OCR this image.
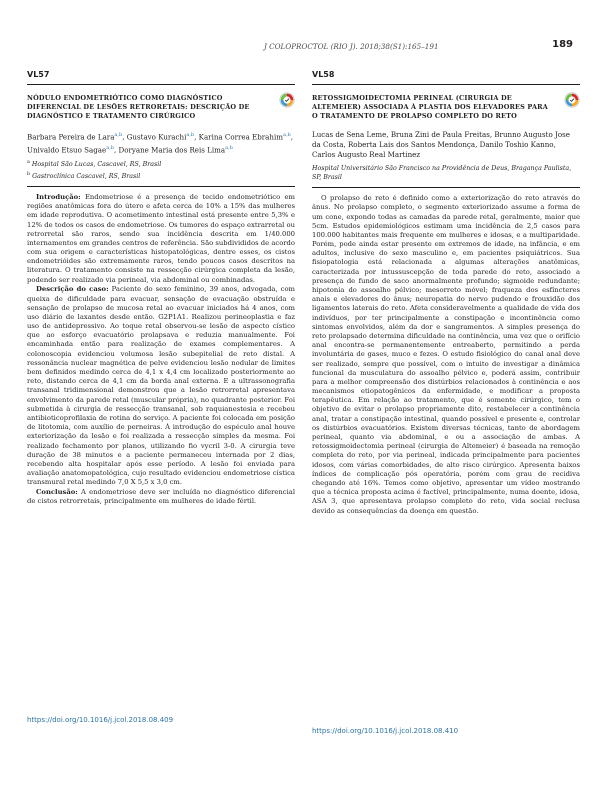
J COLOPROCTOL (RIO J). 2018;38(S1):165–191	189
VL57
NÓDULO ENDOMETRIÓTICO COMO DIAGNÓSTICO DIFERENCIAL DE LESÕES RETRORETAIS: DESCRIÇÃO DE DIAGNÓSTICO E TRATAMENTO CIRÚRGICO
Barbara Pereira de Lara$^{a,b}$, Gustavo Kurachi$^{a,b}$, Karina Correa Ebrahim$^{a,b}$, Univaldo Etsuo Sagae$^{a,b}$, Doryane Maria dos Reis Lima$^{a,b}$
$^a$ Hospital São Lucas, Cascavel, RS, Brasil
$^b$ Gastroclínica Cascavel, RS, Brasil

Introdução: Endometriose é a presença de tecido endometriótico em regiões anatômicas fora do útero e afeta cerca de 10% a 15% das mulheres em idade reprodutiva. O acometimento intestinal está presente entre 5,3% e 12% de todos os casos de endometriose. Os tumores do espaço extrarretal ou retrorretal são raros, sendo sua incidência descrita em 1/40.000 internamentos em grandes centros de referência. São subdivididos de acordo com sua origem e características histopatológicas, dentre esses, os cistos endometrióides são extremamente raros, tendo poucos casos descritos na literatura. O tratamento consiste na ressecção cirúrgica completa da lesão, podendo ser realizado via perineal, via abdominal ou combinadas.

Descrição do caso: Paciente do sexo feminino, 39 anos, advogada, com queixa de dificuldade para evacuar, sensação de evacuação obstruída e sensação de prolapso de mucosa retal ao evacuar iniciados há 4 anos, com uso diário de laxantes desde então. G2P1A1. Realizou perineoplastia e faz uso de antidepressivo. Ao toque retal observou-se lesão de aspecto cístico que ao esforço evacuatório prolapsava e reduzia manualmente. Foi encaminhada então para realização de exames complementares. A colonoscopia evidenciou volumosa lesão subepitelial de reto distal. A ressonância nuclear magnética de pelve evidenciou lesão nodular de limites bem definidos medindo cerca de 4,1 x 4,4 cm localizado posteriormente ao reto, distando cerca de 4,1 cm da borda anal externa. E a ultrassonografia transanal tridimensional demonstrou que a lesão retrorretal apresentava envolvimento da parede retal (muscular própria), no quadrante posterior. Foi submetida à cirurgia de ressecção transanal, sob raquianestesia e recebeu antibioticoprofilaxia de rotina do serviço. A paciente foi colocada em posição de litotomia, com auxílio de perneiras. À introdução do espéculo anal houve exteriorização da lesão e foi realizada a ressecção simples da mesma. Foi realizado fechamento por planos, utilizando fio vycril 3-0. A cirurgia teve duração de 38 minutos e a paciente permaneceu internada por 2 dias, recebendo alta hospitalar após esse período. A lesão foi enviada para avaliação anatomopatológica, cujo resultado evidenciou endometriose cística transmural retal medindo 7,0 X 5,5 x 3,0 cm.

Conclusão: A endometriose deve ser incluída no diagnóstico diferencial de cistos retrorretais, principalmente em mulheres de idade fértil.

https://doi.org/10.1016/j.jcol.2018.08.409
VL58
RETOSSIGMOIDECTOMIA PERINEAL (CIRURGIA DE ALTEMEIER) ASSOCIADA À PLASTIA DOS ELEVADORES PARA O TRATAMENTO DE PROLAPSO COMPLETO DO RETO
Lucas de Sena Leme, Bruna Zini de Paula Freitas, Brunno Augusto Jose da Costa, Roberta Lais dos Santos Mendonça, Danilo Toshio Kanno, Carlos Augusto Real Martinez
Hospital Universitário São Francisco na Providência de Deus, Bragança Paulista, SP, Brasil

O prolapso de reto é definido como a exteriorização do reto através do ânus. No prolapso completo, o segmento exteriorizado assume a forma de um cone, expondo todas as camadas da parede retal, geralmente, maior que 5cm. Estudos epidemiológicos estimam uma incidência de 2,5 casos para 100.000 habitantes mais frequente em mulheres e idosas, e a multiparidade. Porém, pode ainda estar presente em extremos de idade, na infância, e em adultos, inclusive do sexo masculino e, em pacientes psiquiátricos. Sua fisiopatologia está relacionada a algumas alterações anatômicas, caracterizada por intussuscepção de toda parede do reto, associado a presença de fundo de saco anormalmente profundo; sigmoide redundante; hipotonia do assoalho pélvico; mesorreto móvel; fraqueza dos esfíncteres anais e elevadores do ânus; neuropatia do nervo pudendo e frouxidão dos ligamentos laterais do reto. Afeta consideravelmente a qualidade de vida dos indivíduos, por ter principalmente a constipação e incontinência como sintomas envolvidos, além da dor e sangramentos. A simples presença do reto prolapsado determina dificuldade na continência, uma vez que o orifício anal encontra-se permanentemente entreaberto, permitindo a perda involuntária de gases, muco e fezes. O estudo fisiológico do canal anal deve ser realizado, sempre que possível, com o intuito de investigar a dinâmica funcional da musculatura do assoalho pélvico e, poderá assim, contribuir para a melhor compreensão dos distúrbios relacionados à continência e aos mecanismos etiopatogênicos da enfermidade, e modificar a proposta terapêutica. Em relação ao tratamento, que é somente cirúrgico, tem o objetivo de evitar o prolapso propriamente dito, restabelecer a continência anal, tratar a constipação intestinal, quando possível e presente e, controlar os distúrbios evacuatórios. Existem diversas técnicas, tanto de abordagem perineal, quanto via abdominal, e ou a associação de ambas. A retossigmoidectomia perineal (cirurgia de Altemeier) é baseada na remoção completa do reto, por via perineal, indicada principalmente para pacientes idosos, com várias comorbidades, de alto risco cirúrgico. Apresenta baixos índices de complicação pós operatória, porém com grau de recidiva chegando até 16%. Temos como objetivo, apresentar um vídeo mostrando que a técnica proposta acima é factível, principalmente, numa doente, idosa, ASA 3, que apresentava prolapso completo do reto, vida social reclusa devido as consequências da doença em questão.

https://doi.org/10.1016/j.jcol.2018.08.410
